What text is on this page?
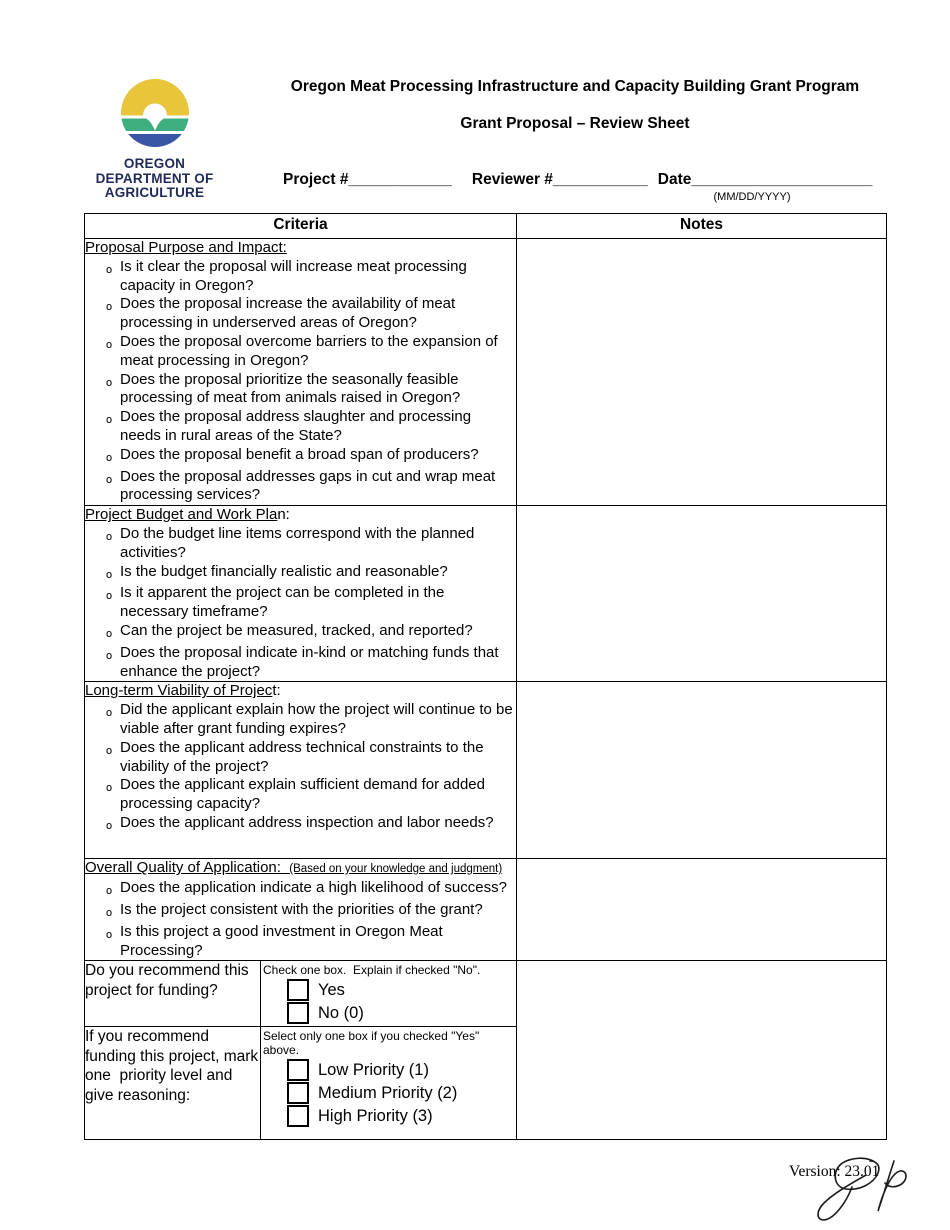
OREGON
DEPARTMENT OF
AGRICULTURE
Oregon Meat Processing Infrastructure and Capacity Building Grant Program
Grant Proposal – Review Sheet
Project #____________ Reviewer #___________ Date_____________________
(MM/DD/YYYY)
Criteria		Notes

Proposal Purpose and Impact:
o Is it clear the proposal will increase meat processing capacity in Oregon?
o Does the proposal increase the availability of meat processing in underserved areas of Oregon?
o Does the proposal overcome barriers to the expansion of meat processing in Oregon?
o Does the proposal prioritize the seasonally feasible processing of meat from animals raised in Oregon?
o Does the proposal address slaughter and processing needs in rural areas of the State?
o Does the proposal benefit a broad span of producers?
o Does the proposal addresses gaps in cut and wrap meat processing services?

Project Budget and Work Plan:
o Do the budget line items correspond with the planned activities?
o Is the budget financially realistic and reasonable?
o Is it apparent the project can be completed in the necessary timeframe?
o Can the project be measured, tracked, and reported?
o Does the proposal indicate in-kind or matching funds that enhance the project?

Long-term Viability of Project:
o Did the applicant explain how the project will continue to be viable after grant funding expires?
o Does the applicant address technical constraints to the viability of the project?
o Does the applicant explain sufficient demand for added processing capacity?
o Does the applicant address inspection and labor needs?

Overall Quality of Application: (Based on your knowledge and judgment)
o Does the application indicate a high likelihood of success?
o Is the project consistent with the priorities of the grant?
o Is this project a good investment in Oregon Meat Processing?

Do you recommend this project for funding?	Check one box.  Explain if checked "No".
Yes
No (0)	

If you recommend funding this project, mark one  priority level and give reasoning:	Select only one box if you checked "Yes" above.
Low Priority (1)
Medium Priority (2)
High Priority (3)	
Version: 23.01
